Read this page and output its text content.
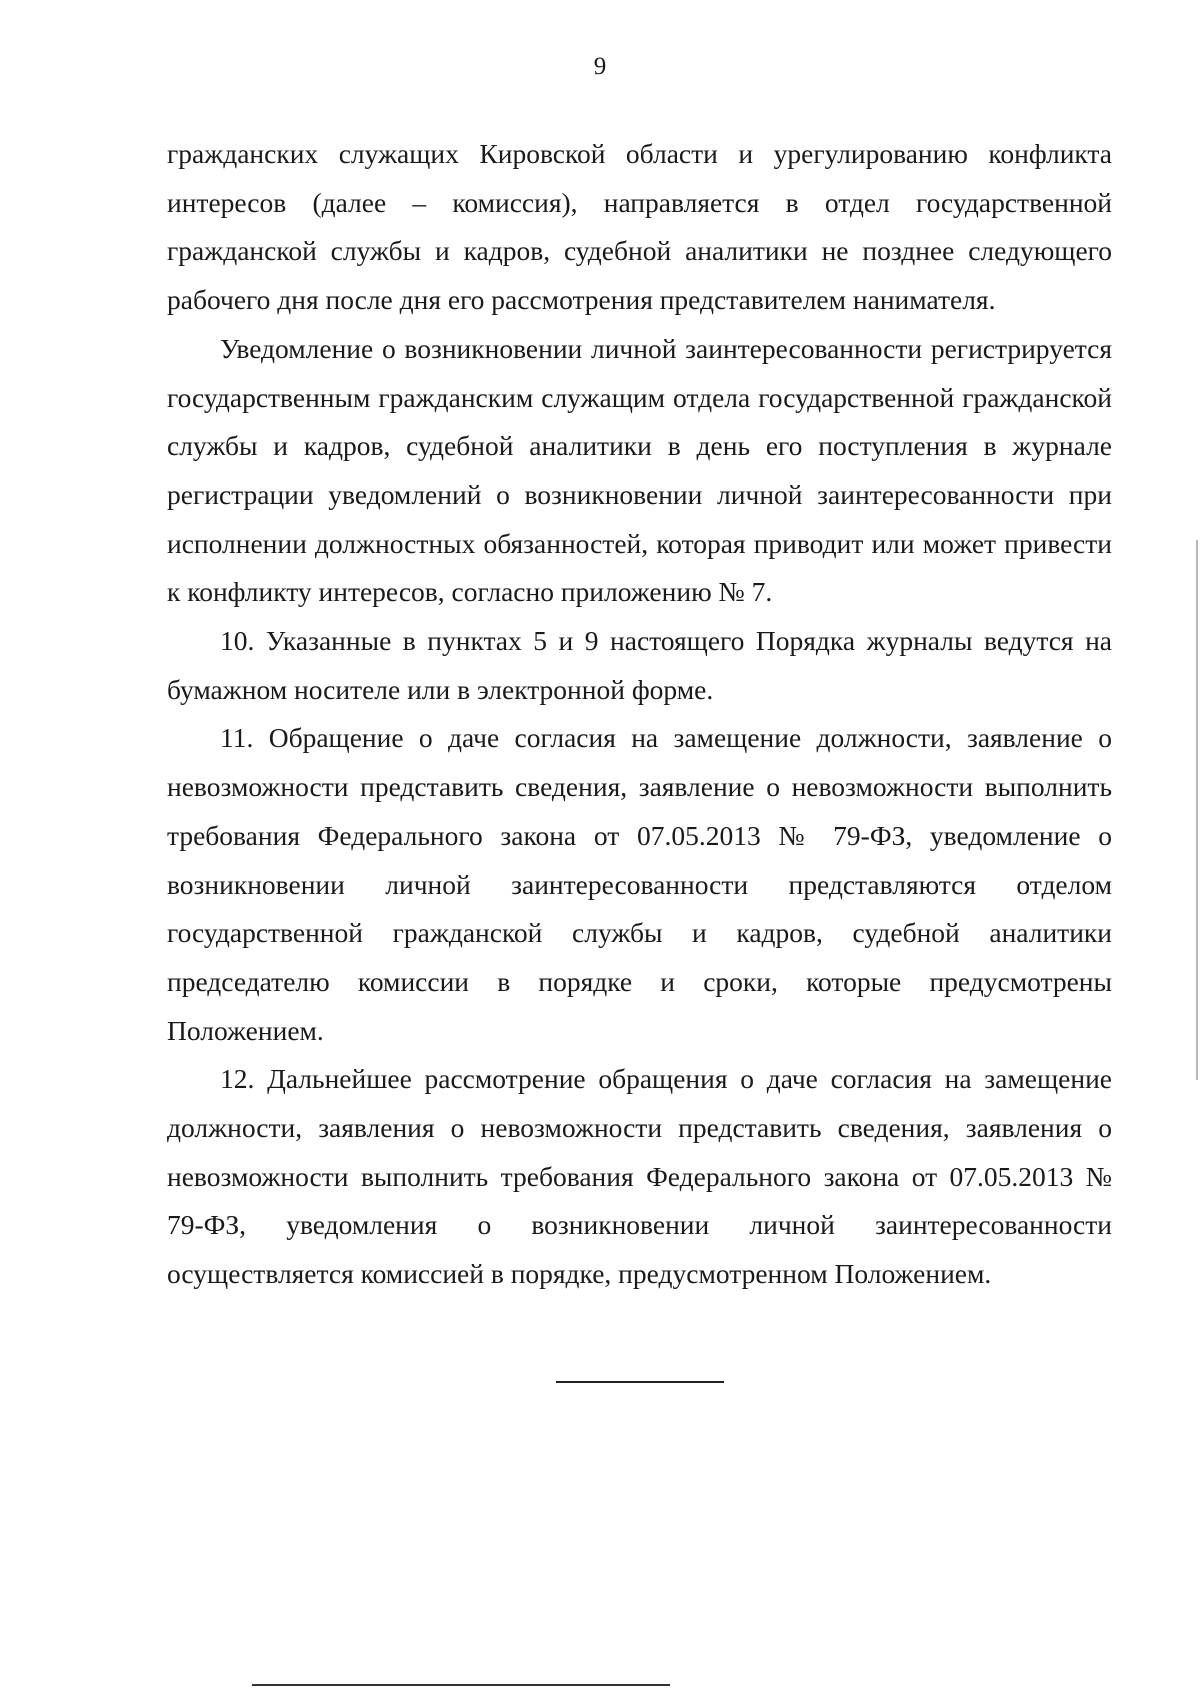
9

гражданских служащих Кировской области и урегулированию конфликта интересов (далее – комиссия), направляется в отдел государственной гражданской службы и кадров, судебной аналитики не позднее следующего рабочего дня после дня его рассмотрения представителем нанимателя.

Уведомление о возникновении личной заинтересованности регистрируется государственным гражданским служащим отдела государственной гражданской службы и кадров, судебной аналитики в день его поступления в журнале регистрации уведомлений о возникновении личной заинтересованности при исполнении должностных обязанностей, которая приводит или может привести к конфликту интересов, согласно приложению № 7.

10. Указанные в пунктах 5 и 9 настоящего Порядка журналы ведутся на бумажном носителе или в электронной форме.

11. Обращение о даче согласия на замещение должности, заявление о невозможности представить сведения, заявление о невозможности выполнить требования Федерального закона от 07.05.2013 № 79-ФЗ, уведомление о возникновении личной заинтересованности представляются отделом государственной гражданской службы и кадров, судебной аналитики председателю комиссии в порядке и сроки, которые предусмотрены Положением.

12. Дальнейшее рассмотрение обращения о даче согласия на замещение должности, заявления о невозможности представить сведения, заявления о невозможности выполнить требования Федерального закона от 07.05.2013 № 79-ФЗ, уведомления о возникновении личной заинтересованности осуществляется комиссией в порядке, предусмотренном Положением.
